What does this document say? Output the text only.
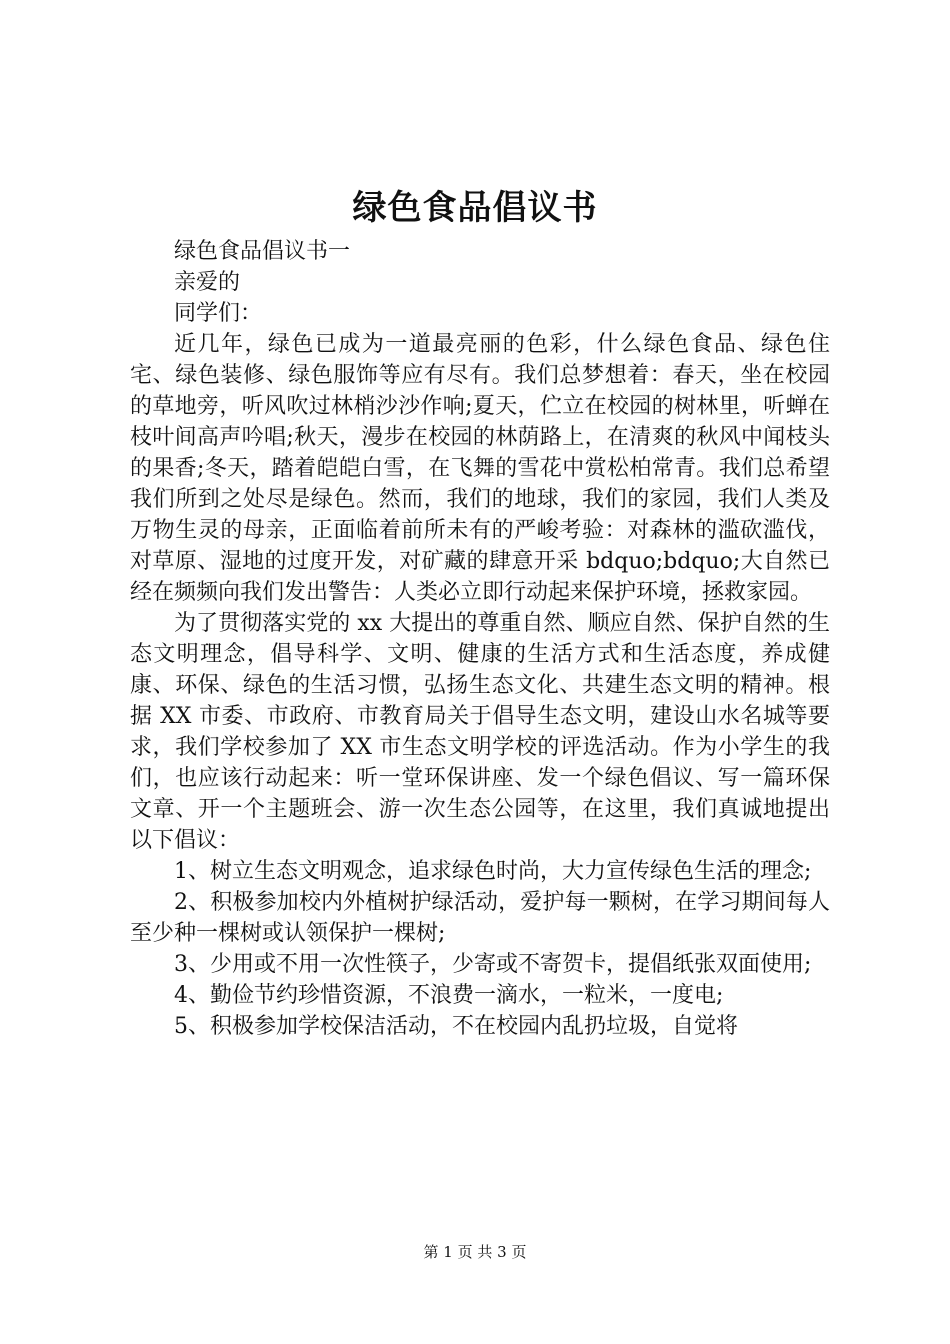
绿色食品倡议书

绿色食品倡议书一

亲爱的

同学们：

近几年，绿色已成为一道最亮丽的色彩，什么绿色食品、绿色住宅、绿色装修、绿色服饰等应有尽有。我们总梦想着：春天，坐在校园的草地旁，听风吹过林梢沙沙作响;夏天，伫立在校园的树林里，听蝉在枝叶间高声吟唱;秋天，漫步在校园的林荫路上，在清爽的秋风中闻枝头的果香;冬天，踏着皑皑白雪，在飞舞的雪花中赏松柏常青。我们总希望我们所到之处尽是绿色。然而，我们的地球，我们的家园，我们人类及万物生灵的母亲，正面临着前所未有的严峻考验：对森林的滥砍滥伐，对草原、湿地的过度开发，对矿藏的肆意开采 bdquo;bdquo;大自然已经在频频向我们发出警告：人类必立即行动起来保护环境，拯救家园。

为了贯彻落实党的 xx 大提出的尊重自然、顺应自然、保护自然的生态文明理念，倡导科学、文明、健康的生活方式和生活态度，养成健康、环保、绿色的生活习惯，弘扬生态文化、共建生态文明的精神。根据 XX 市委、市政府、市教育局关于倡导生态文明，建设山水名城等要求，我们学校参加了 XX 市生态文明学校的评选活动。作为小学生的我们，也应该行动起来：听一堂环保讲座、发一个绿色倡议、写一篇环保文章、开一个主题班会、游一次生态公园等，在这里，我们真诚地提出以下倡议：

1、树立生态文明观念，追求绿色时尚，大力宣传绿色生活的理念;

2、积极参加校内外植树护绿活动，爱护每一颗树，在学习期间每人至少种一棵树或认领保护一棵树;

3、少用或不用一次性筷子，少寄或不寄贺卡，提倡纸张双面使用;

4、勤俭节约珍惜资源，不浪费一滴水，一粒米，一度电;

5、积极参加学校保洁活动，不在校园内乱扔垃圾，自觉将

第 1 页 共 3 页
